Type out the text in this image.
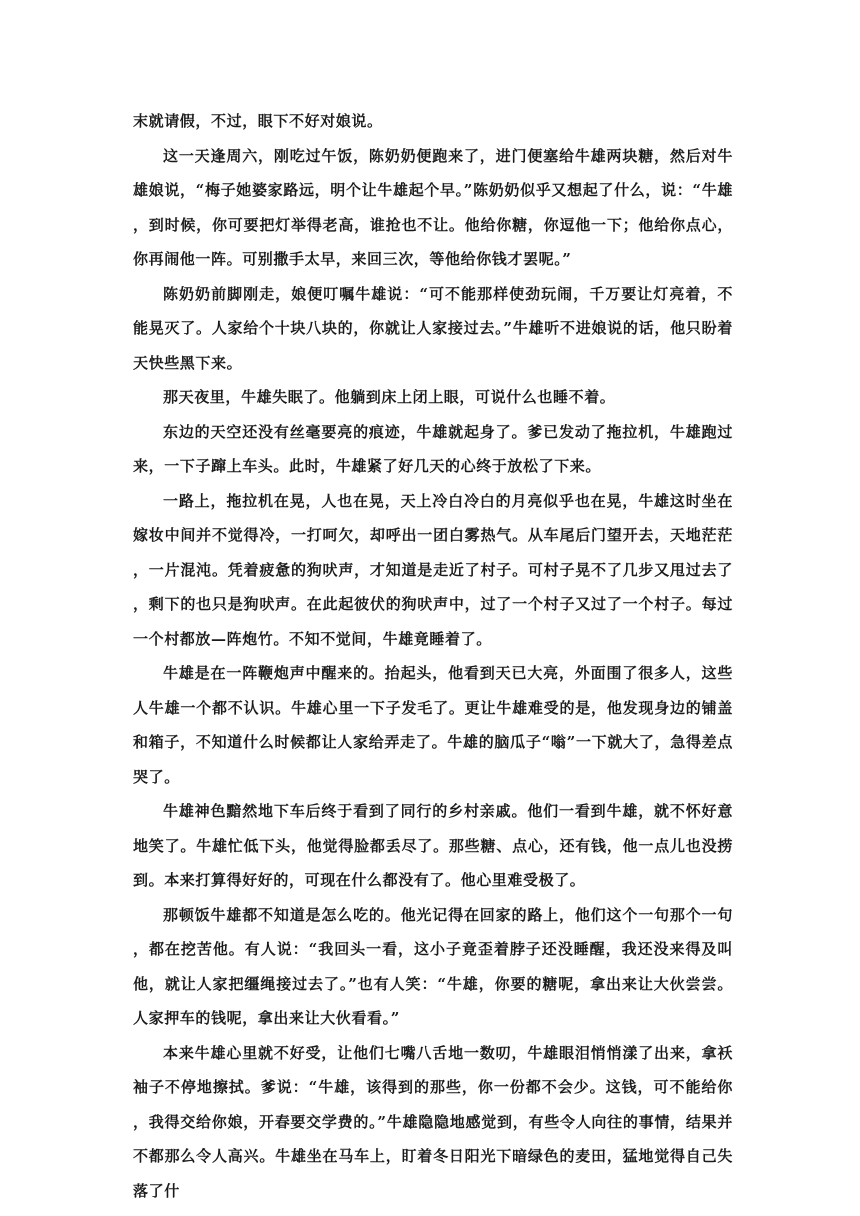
末就请假，不过，眼下不好对娘说。

这一天逢周六，刚吃过午饭，陈奶奶便跑来了，进门便塞给牛雄两块糖，然后对牛雄娘说，“梅子她婆家路远，明个让牛雄起个早。”陈奶奶似乎又想起了什么，说：“牛雄，到时候，你可要把灯举得老高，谁抢也不让。他给你糖，你逗他一下；他给你点心，你再闹他一阵。可别撒手太早，来回三次，等他给你钱才罢呢。”

陈奶奶前脚刚走，娘便叮嘱牛雄说：“可不能那样使劲玩闹，千万要让灯亮着，不能晃灭了。人家给个十块八块的，你就让人家接过去。”牛雄听不进娘说的话，他只盼着天快些黑下来。

那天夜里，牛雄失眠了。他躺到床上闭上眼，可说什么也睡不着。

东边的天空还没有丝毫要亮的痕迹，牛雄就起身了。爹已发动了拖拉机，牛雄跑过来，一下子蹿上车头。此时，牛雄紧了好几天的心终于放松了下来。

一路上，拖拉机在晃，人也在晃，天上冷白冷白的月亮似乎也在晃，牛雄这时坐在嫁妆中间并不觉得冷，一打呵欠，却呼出一团白雾热气。从车尾后门望开去，天地茫茫，一片混沌。凭着疲惫的狗吠声，才知道是走近了村子。可村子晃不了几步又甩过去了，剩下的也只是狗吠声。在此起彼伏的狗吠声中，过了一个村子又过了一个村子。每过一个村都放—阵炮竹。不知不觉间，牛雄竟睡着了。

牛雄是在一阵鞭炮声中醒来的。抬起头，他看到天已大亮，外面围了很多人，这些人牛雄一个都不认识。牛雄心里一下子发毛了。更让牛雄难受的是，他发现身边的铺盖和箱子，不知道什么时候都让人家给弄走了。牛雄的脑瓜子“嗡”一下就大了，急得差点哭了。

牛雄神色黯然地下车后终于看到了同行的乡村亲戚。他们一看到牛雄，就不怀好意地笑了。牛雄忙低下头，他觉得脸都丢尽了。那些糖、点心，还有钱，他一点儿也没捞到。本来打算得好好的，可现在什么都没有了。他心里难受极了。

那顿饭牛雄都不知道是怎么吃的。他光记得在回家的路上，他们这个一句那个一句，都在挖苦他。有人说：“我回头一看，这小子竟歪着脖子还没睡醒，我还没来得及叫他，就让人家把缰绳接过去了。”也有人笑：“牛雄，你要的糖呢，拿出来让大伙尝尝。人家押车的钱呢，拿出来让大伙看看。”

本来牛雄心里就不好受，让他们七嘴八舌地一数叨，牛雄眼泪悄悄漾了出来，拿袄袖子不停地擦拭。爹说：“牛雄，该得到的那些，你一份都不会少。这钱，可不能给你，我得交给你娘，开春要交学费的。”牛雄隐隐地感觉到，有些令人向往的事情，结果并不都那么令人高兴。牛雄坐在马车上，盯着冬日阳光下暗绿色的麦田，猛地觉得自己失落了什
